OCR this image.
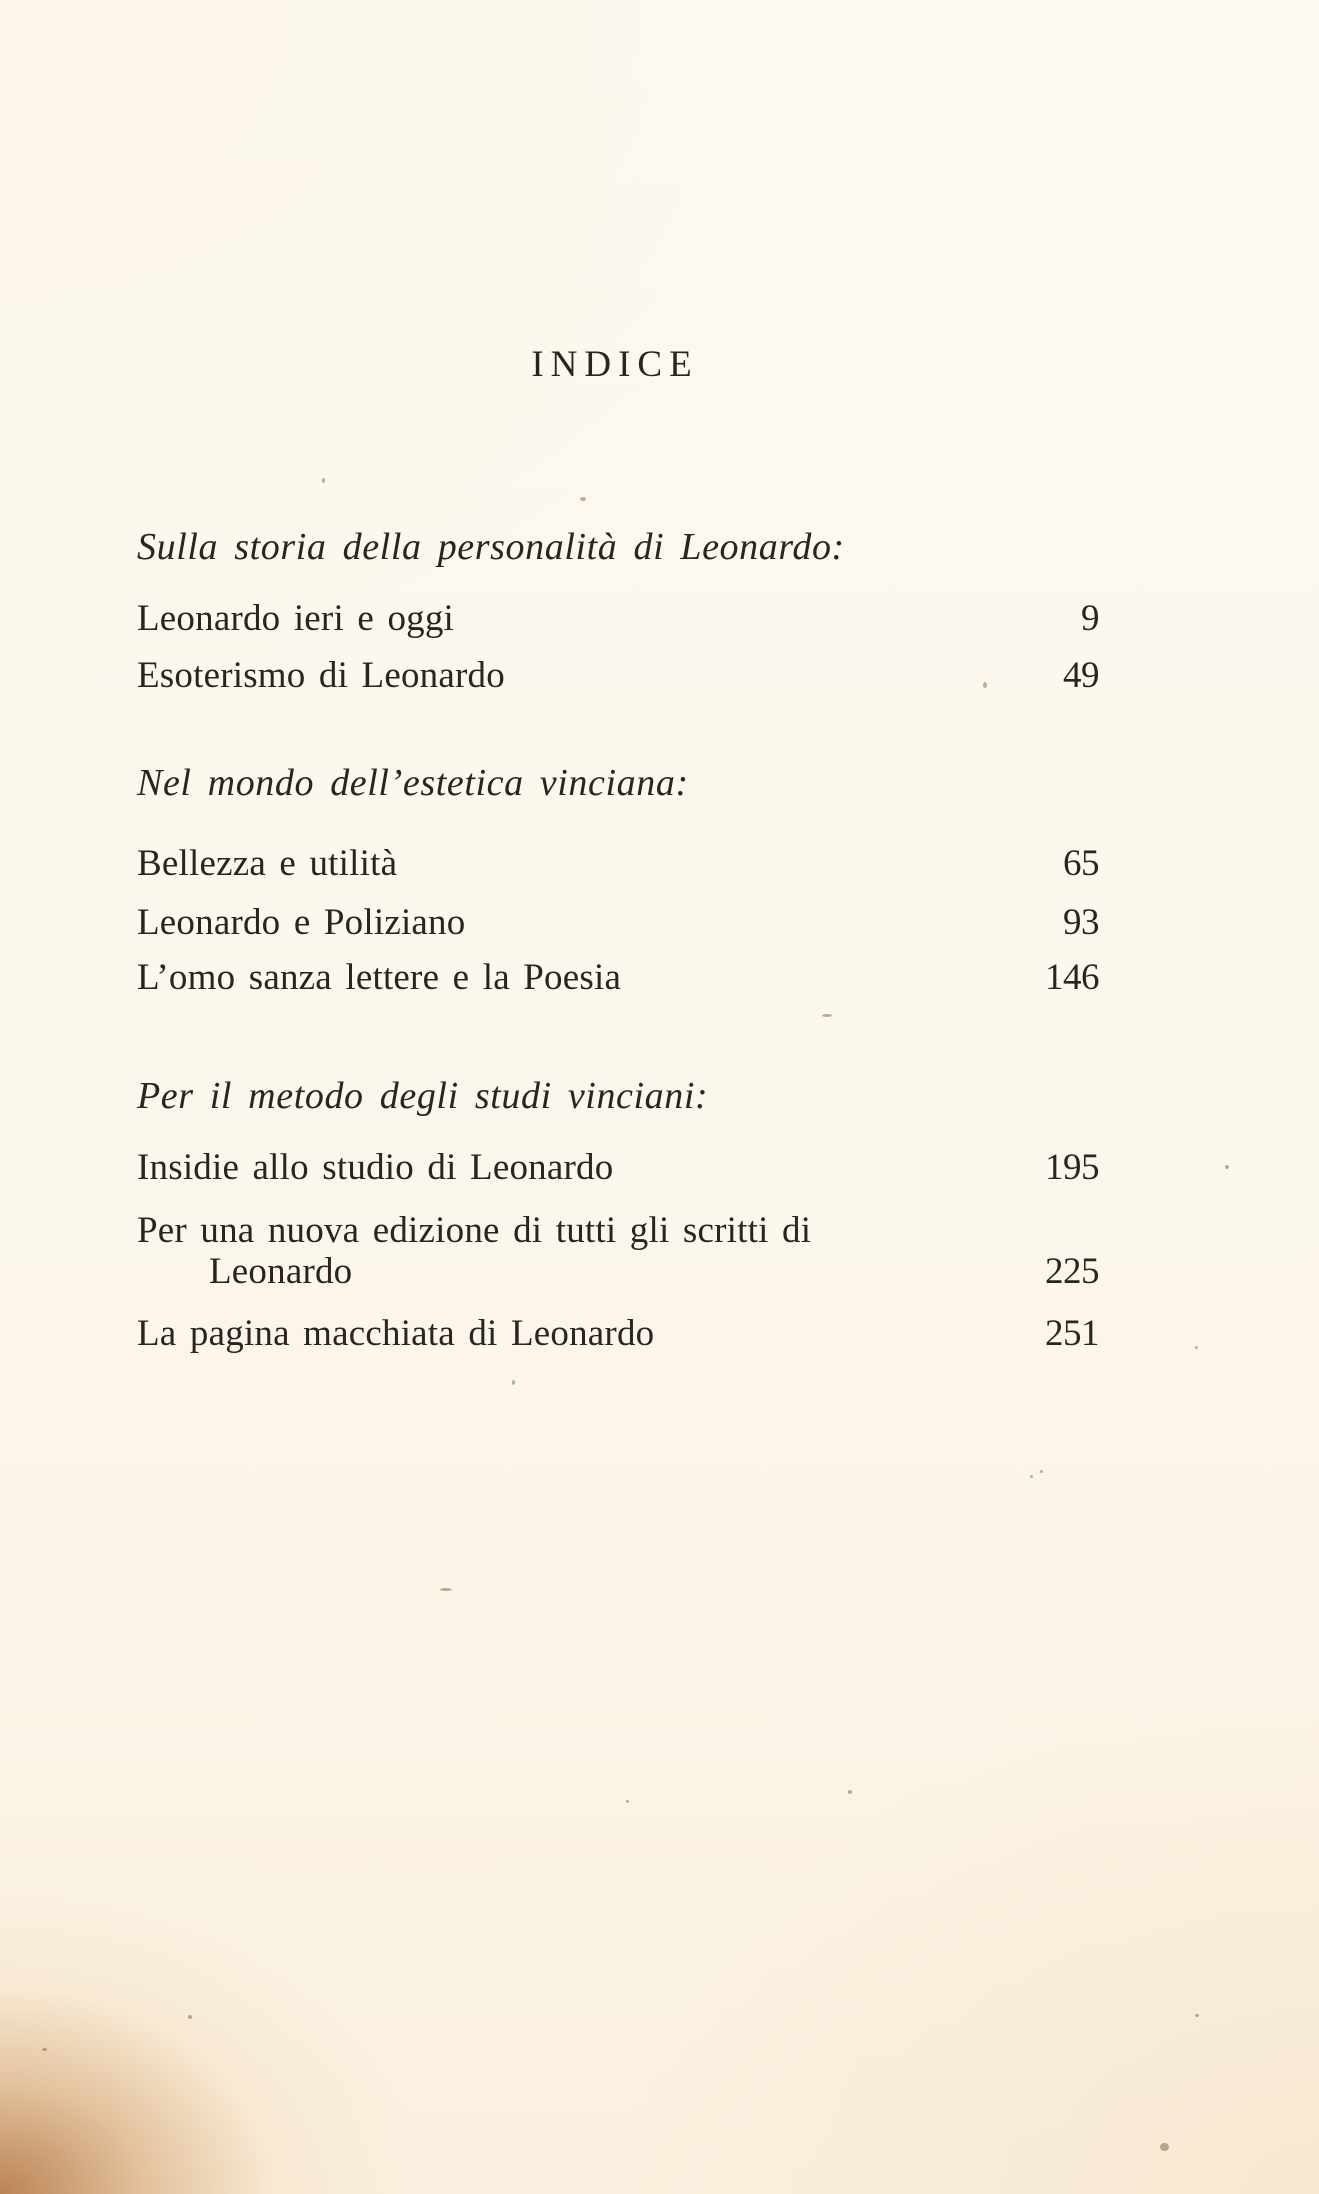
INDICE
Sulla storia della personalità di Leonardo:
Leonardo ieri e oggi	9
Esoterismo di Leonardo	49
Nel mondo dell’estetica vinciana:
Bellezza e utilità	65
Leonardo e Poliziano	93
L’omo sanza lettere e la Poesia	146
Per il metodo degli studi vinciani:
Insidie allo studio di Leonardo	195
Per una nuova edizione di tutti gli scritti di
Leonardo	225
La pagina macchiata di Leonardo	251
